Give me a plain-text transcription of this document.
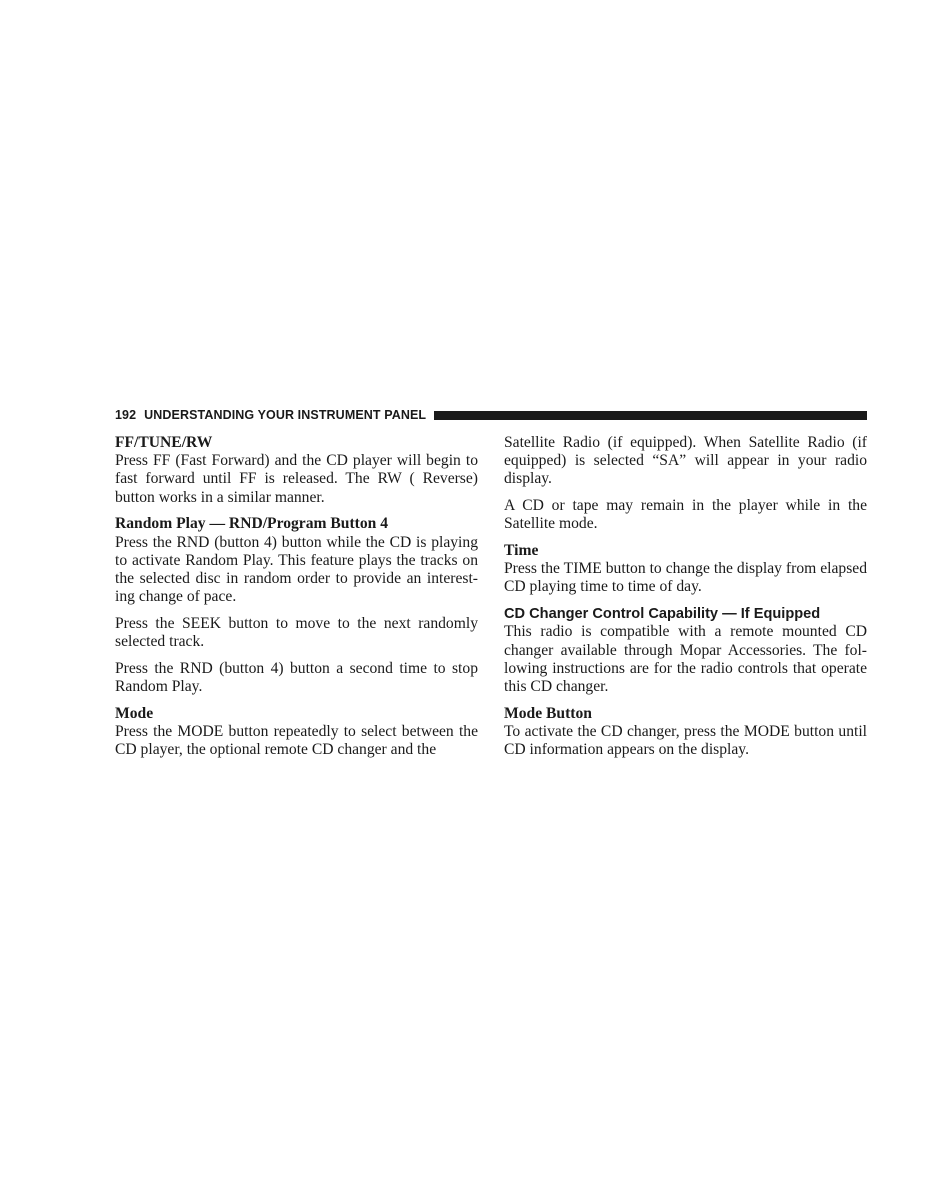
192 UNDERSTANDING YOUR INSTRUMENT PANEL
FF/TUNE/RW

Press FF (Fast Forward) and the CD player will begin to fast forward until FF is released. The RW ( Reverse) button works in a similar manner.

Random Play — RND/Program Button 4

Press the RND (button 4) button while the CD is playing to activate Random Play. This feature plays the tracks on the selected disc in random order to provide an interest-ing change of pace.

Press the SEEK button to move to the next randomly selected track.

Press the RND (button 4) button a second time to stop Random Play.

Mode

Press the MODE button repeatedly to select between the CD player, the optional remote CD changer and the

Satellite Radio (if equipped). When Satellite Radio (if equipped) is selected “SA” will appear in your radio display.

A CD or tape may remain in the player while in the Satellite mode.

Time

Press the TIME button to change the display from elapsed CD playing time to time of day.

CD Changer Control Capability — If Equipped

This radio is compatible with a remote mounted CD changer available through Mopar Accessories. The fol-lowing instructions are for the radio controls that operate this CD changer.

Mode Button

To activate the CD changer, press the MODE button until CD information appears on the display.
